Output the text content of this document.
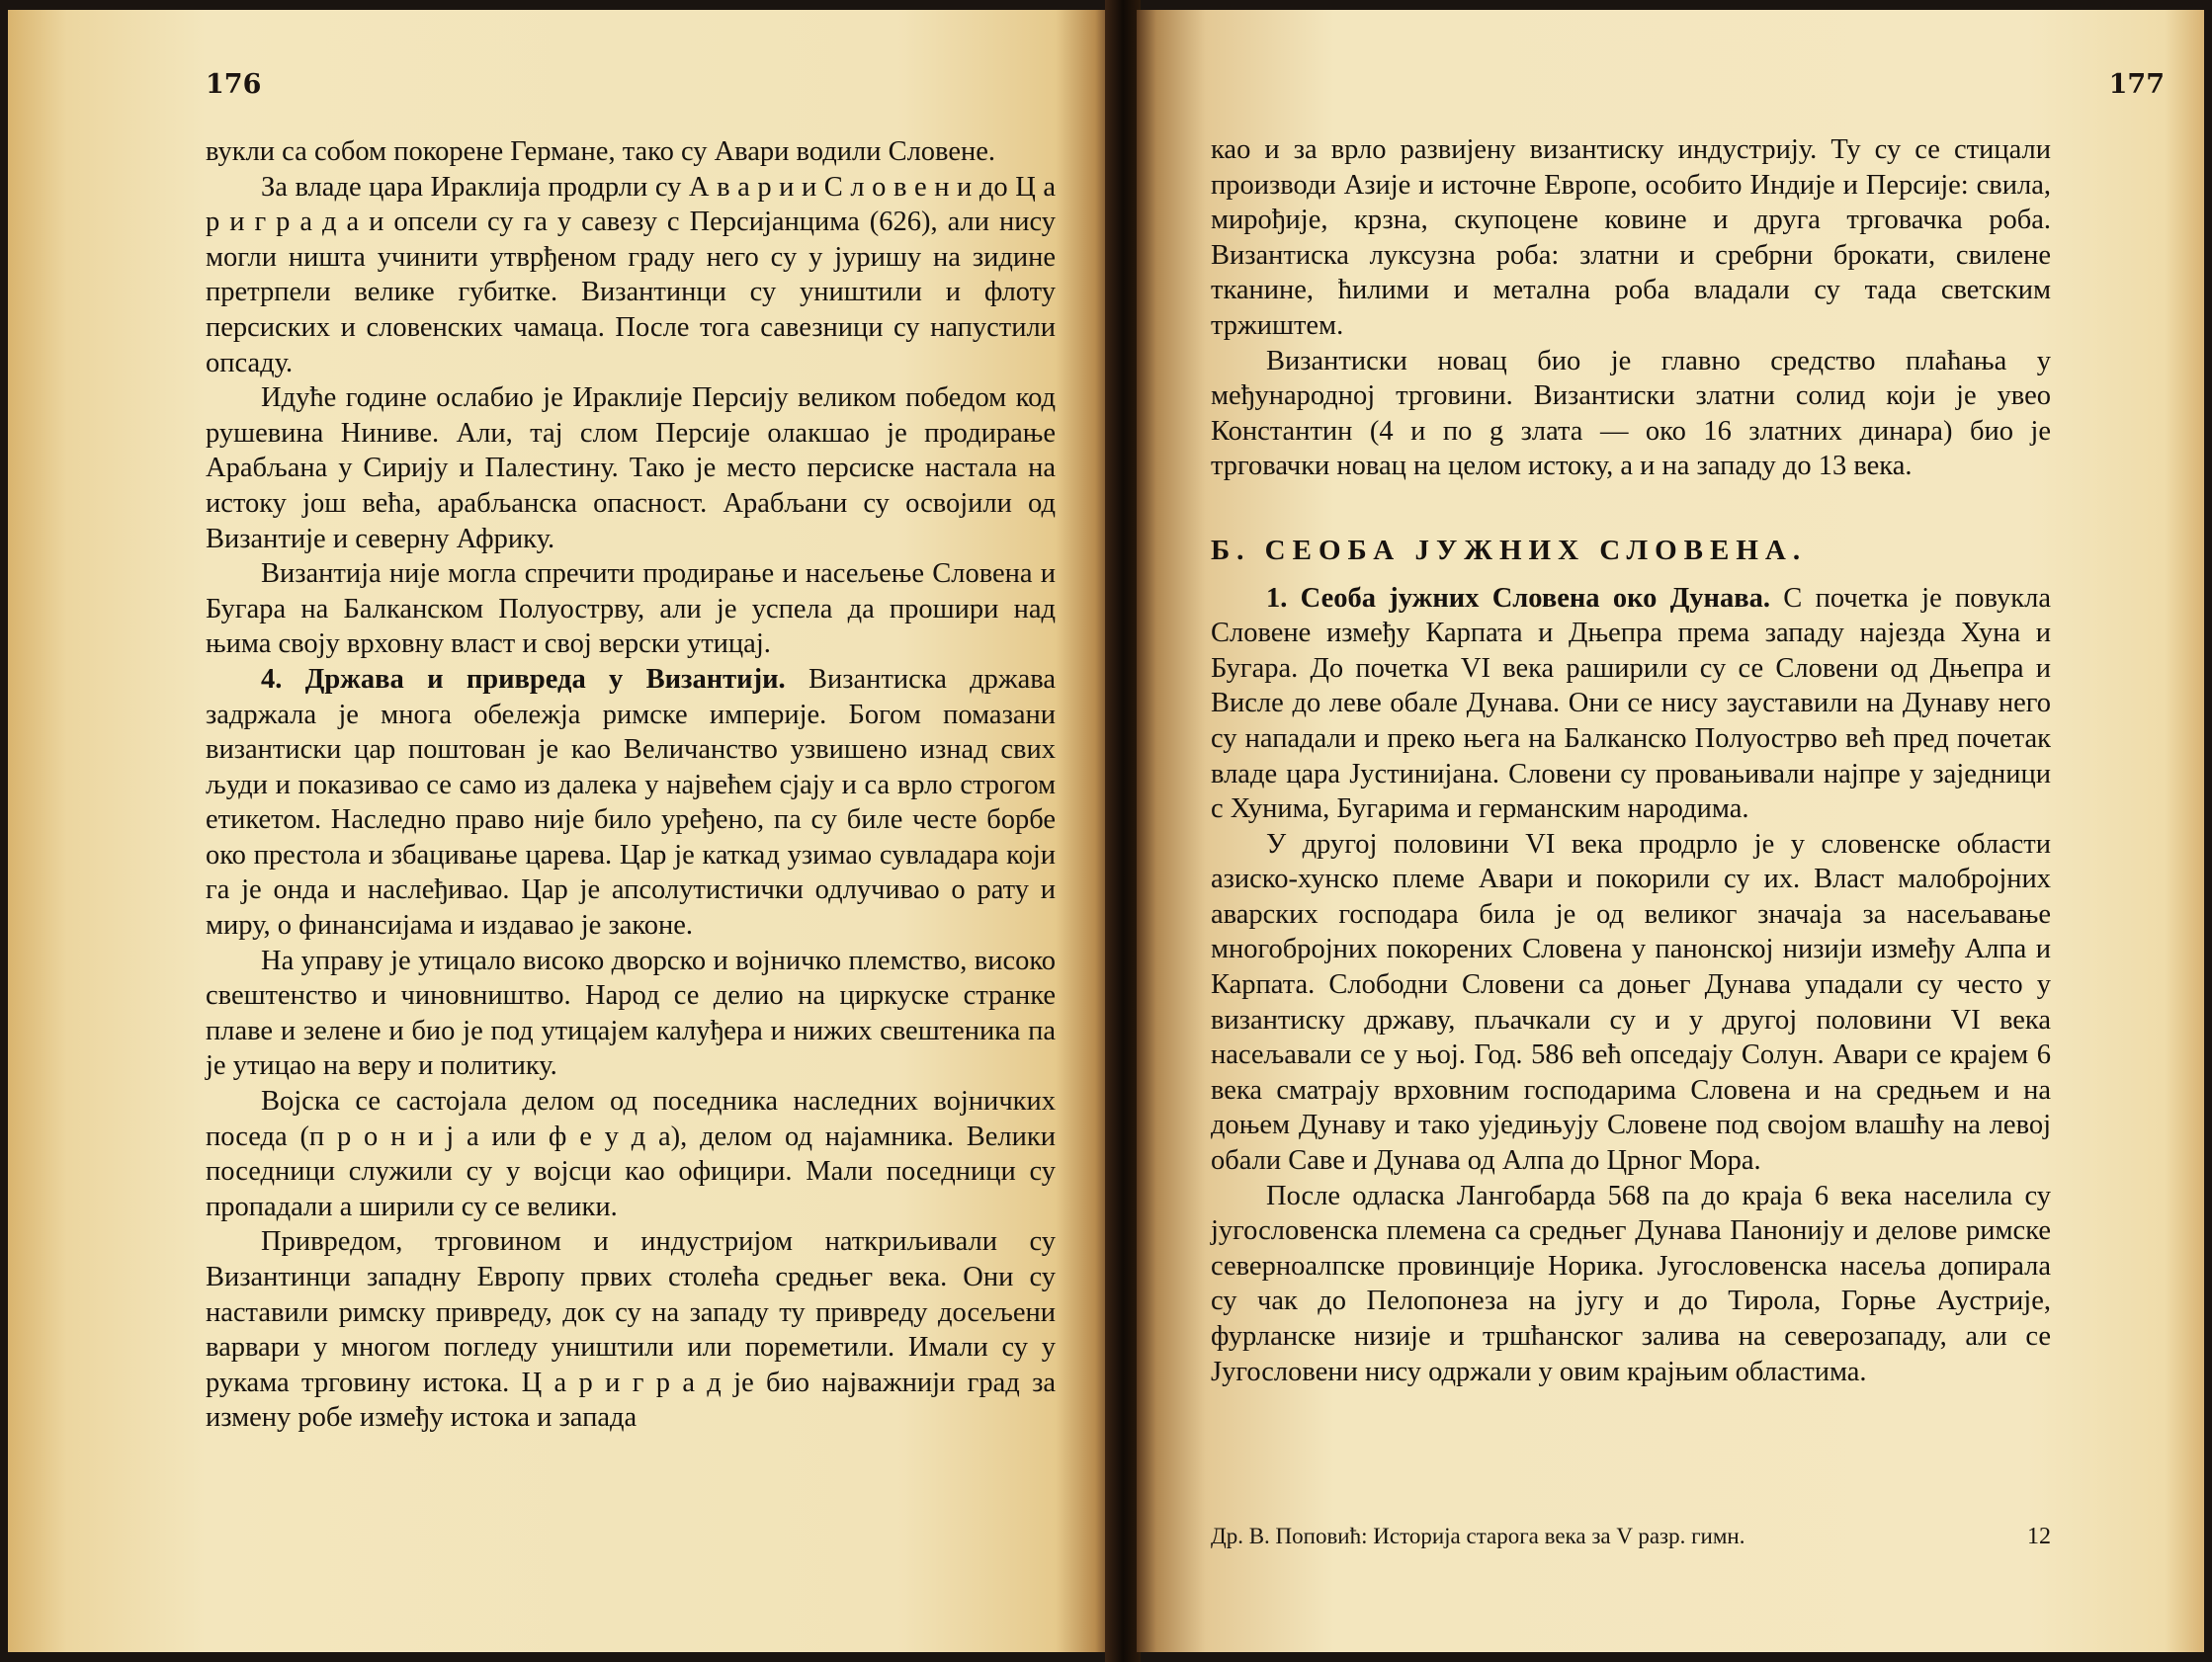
176

вукли са собом покорене Германе, тако су Авари водили Словене.

За владе цара Ираклија продрли су А в а р и и С л о в е н и до Ц а р и г р а д а и опсели су га у савезу с Персијанцима (626), али нису могли ништа учинити утврђеном граду него су у јуришу на зидине претрпели велике губитке. Византинци су уништили и флоту персиских и словенских чамаца. После тога савезници су напустили опсаду.

Идуће године ослабио је Ираклије Персију великом победом код рушевина Ниниве. Али, тај слом Персије олакшао је продирање Арабљана у Сирију и Палестину. Тако је место персиске настала на истоку још већа, арабљанска опасност. Арабљани су освојили од Византије и северну Африку.

Византија није могла спречити продирање и насељење Словена и Бугара на Балканском Полуострву, али је успела да прошири над њима своју врховну власт и свој верски утицај.

4. Држава и привреда у Византији. Византиска држава задржала је многа обележја римске империје. Богом помазани византиски цар поштован је као Величанство узвишено изнад свих људи и показивао се само из далека у највећем сјају и са врло строгом етикетом. Наследно право није било уређено, па су биле честе борбе око престола и збацивање царева. Цар је каткад узимао сувладара који га је онда и наслеђивао. Цар је апсолутистички одлучивао о рату и миру, о финансијама и издавао је законе.

На управу је утицало високо дворско и војничко племство, високо свештенство и чиновништво. Народ се делио на циркуске странке плаве и зелене и био је под утицајем калуђера и нижих свештеника па је утицао на веру и политику.

Војска се састојала делом од поседника наследних војничких поседа (п р о н и ј а или ф е у д а), делом од најамника. Велики поседници служили су у војсци као официри. Мали поседници су пропадали а ширили су се велики.

Привредом, трговином и индустријом наткриљивали су Византинци западну Европу првих столећа средњег века. Они су наставили римску привреду, док су на западу ту привреду досељени варвари у многом погледу уништили или пореметили. Имали су у рукама трговину истока. Ц а р и г р а д је био најважнији град за измену робе између истока и запада

177

као и за врло развијену византиску индустрију. Ту су се стицали производи Азије и источне Европе, особито Индије и Персије: свила, мирођије, крзна, скупоцене ковине и друга трговачка роба. Византиска луксузна роба: златни и сребрни брокати, свилене тканине, ћилими и метална роба владали су тада светским тржиштем.

Византиски новац био је главно средство плаћања у међународној трговини. Византиски златни солид који је увео Константин (4 и по g злата — око 16 златних динара) био је трговачки новац на целом истоку, а и на западу до 13 века.

Б. СЕОБА ЈУЖНИХ СЛОВЕНА.

1. Сеоба јужних Словена око Дунава. С почетка је повукла Словене између Карпата и Дњепра према западу најезда Хуна и Бугара. До почетка VI века раширили су се Словени од Дњепра и Висле до леве обале Дунава. Они се нису зауставили на Дунаву него су нападали и преко њега на Балканско Полуострво већ пред почетак владе цара Јустинијана. Словени су провањивали најпре у заједници с Хунима, Бугарима и германским народима.

У другој половини VI века продрло је у словенске области азиско-хунско племе Авари и покорили су их. Власт малобројних аварских господара била је од великог значаја за насељавање многобројних покорених Словена у панонској низији између Алпа и Карпата. Слободни Словени са доњег Дунава упадали су често у византиску државу, пљачкали су и у другој половини VI века насељавали се у њој. Год. 586 већ опседају Солун. Авари се крајем 6 века сматрају врховним господарима Словена и на средњем и на доњем Дунаву и тако уједињују Словене под својом влашћу на левој обали Саве и Дунава од Алпа до Црног Мора.

После одласка Лангобарда 568 па до краја 6 века населила су југословенска племена са средњег Дунава Панонију и делове римске северноалпске провинције Норика. Југословенска насеља допирала су чак до Пелопонеза на југу и до Тирола, Горње Аустрије, фурланске низије и тршћанског залива на северозападу, али се Југословени нису одржали у овим крајњим областима.

Др. В. Поповић: Историја старога века за V разр. гимн.	12
